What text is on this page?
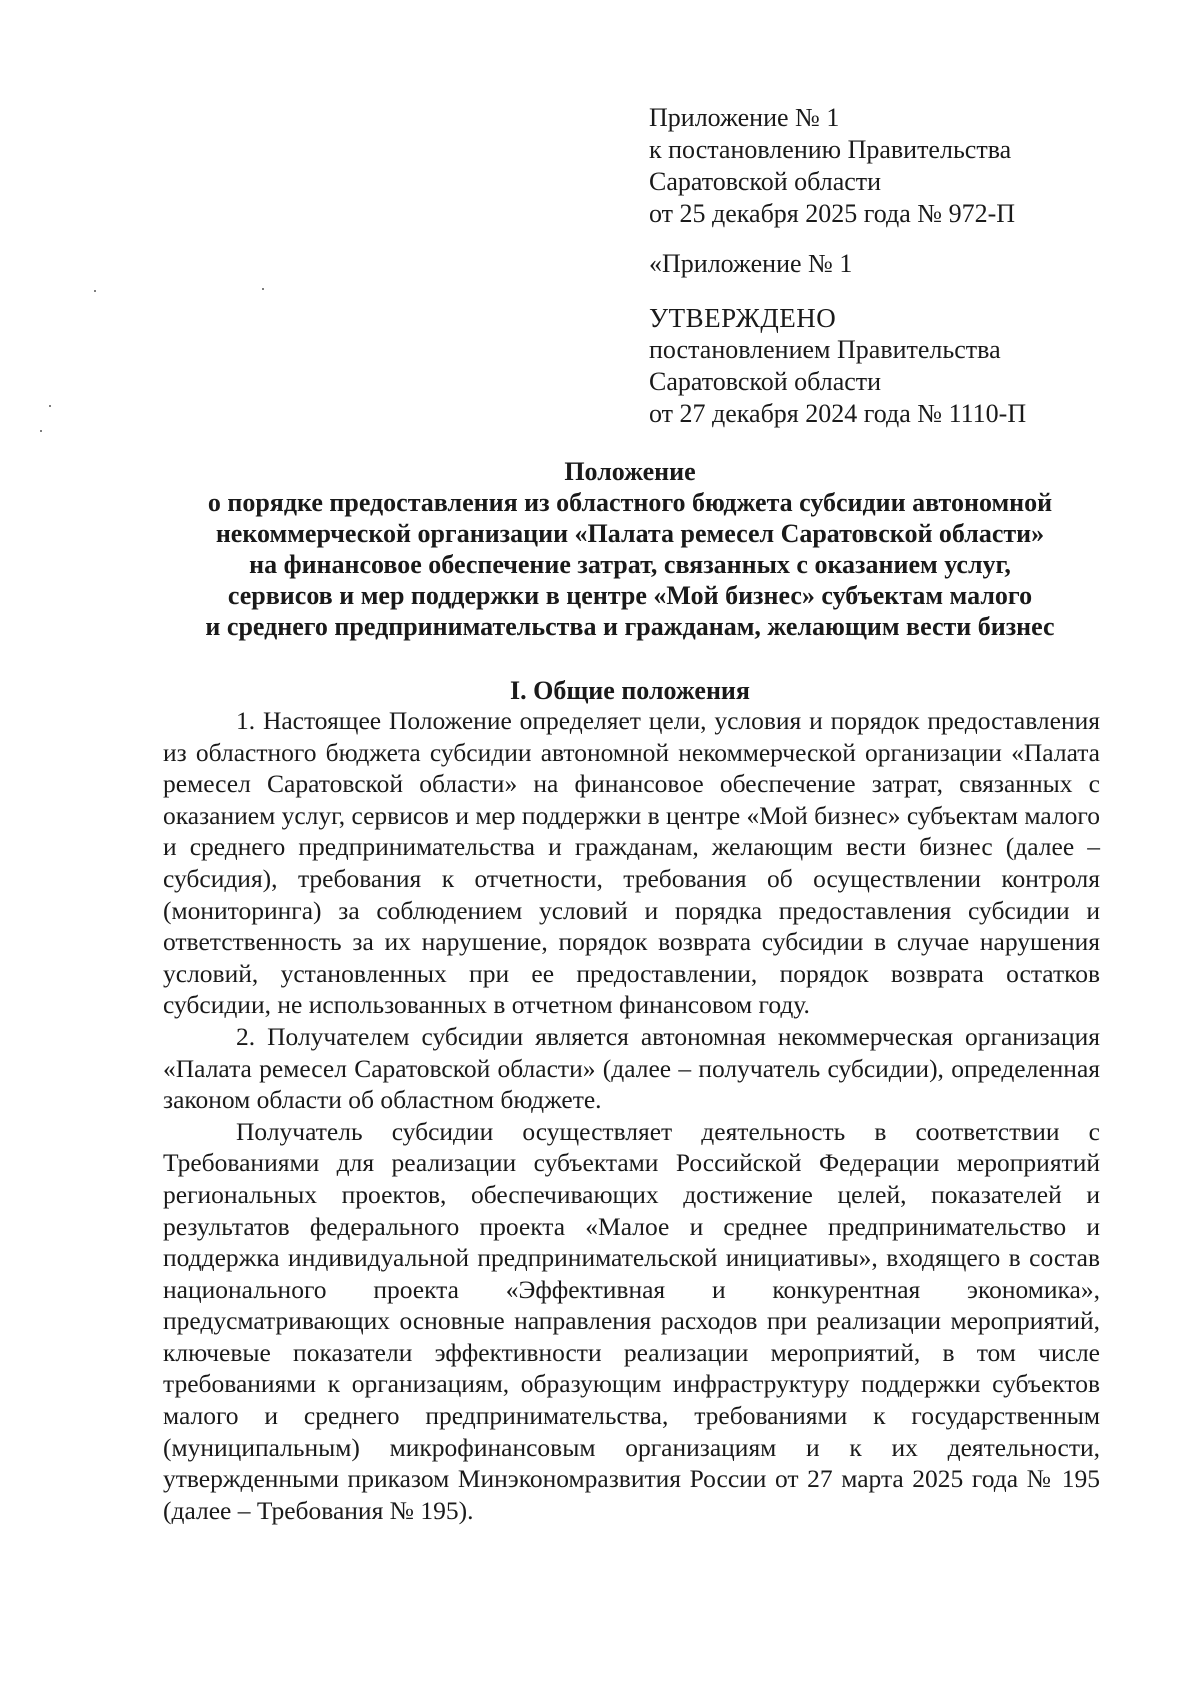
Приложение № 1
к постановлению Правительства
Саратовской области
от 25 декабря 2025 года № 972-П
«Приложение № 1
УТВЕРЖДЕНО
постановлением Правительства
Саратовской области
от 27 декабря 2024 года № 1110-П
Положение
о порядке предоставления из областного бюджета субсидии автономной
некоммерческой организации «Палата ремесел Саратовской области»
на финансовое обеспечение затрат, связанных с оказанием услуг,
сервисов и мер поддержки в центре «Мой бизнес» субъектам малого
и среднего предпринимательства и гражданам, желающим вести бизнес
I. Общие положения

1. Настоящее Положение определяет цели, условия и порядок предоставления из областного бюджета субсидии автономной некоммерческой организации «Палата ремесел Саратовской области» на финансовое обеспечение затрат, связанных с оказанием услуг, сервисов и мер поддержки в центре «Мой бизнес» субъектам малого и среднего предпринимательства и гражданам, желающим вести бизнес (далее – субсидия), требования к отчетности, требования об осуществлении контроля (мониторинга) за соблюдением условий и порядка предоставления субсидии и ответственность за их нарушение, порядок возврата субсидии в случае нарушения условий, установленных при ее предоставлении, порядок возврата остатков субсидии, не использованных в отчетном финансовом году.

2. Получателем субсидии является автономная некоммерческая организация «Палата ремесел Саратовской области» (далее – получатель субсидии), определенная законом области об областном бюджете.

Получатель субсидии осуществляет деятельность в соответствии с Требованиями для реализации субъектами Российской Федерации мероприятий региональных проектов, обеспечивающих достижение целей, показателей и результатов федерального проекта «Малое и среднее предпринимательство и поддержка индивидуальной предпринимательской инициативы», входящего в состав национального проекта «Эффективная и конкурентная экономика», предусматривающих основные направления расходов при реализации мероприятий, ключевые показатели эффективности реализации мероприятий, в том числе требованиями к организациям, образующим инфраструктуру поддержки субъектов малого и среднего предпринимательства, требованиями к государственным (муниципальным) микрофинансовым организациям и к их деятельности, утвержденными приказом Минэкономразвития России от 27 марта 2025 года № 195 (далее – Требования № 195).
